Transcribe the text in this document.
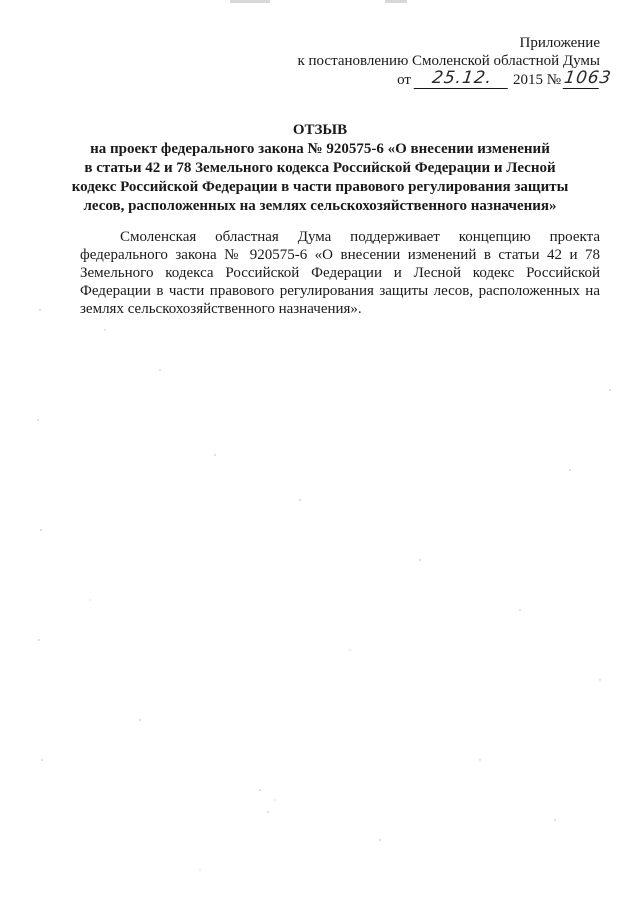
Приложение
к постановлению Смоленской областной Думы
от	25.12.	2015 № 1063
ОТЗЫВ
на проект федерального закона № 920575-6 «О внесении изменений
в статьи 42 и 78 Земельного кодекса Российской Федерации и Лесной
кодекс Российской Федерации в части правового регулирования защиты
лесов, расположенных на землях сельскохозяйственного назначения»

Смоленская областная Дума поддерживает концепцию проекта федерального закона № 920575-6 «О внесении изменений в статьи 42 и 78 Земельного кодекса Российской Федерации и Лесной кодекс Российской Федерации в части правового регулирования защиты лесов, расположенных на землях сельскохозяйственного назначения».
